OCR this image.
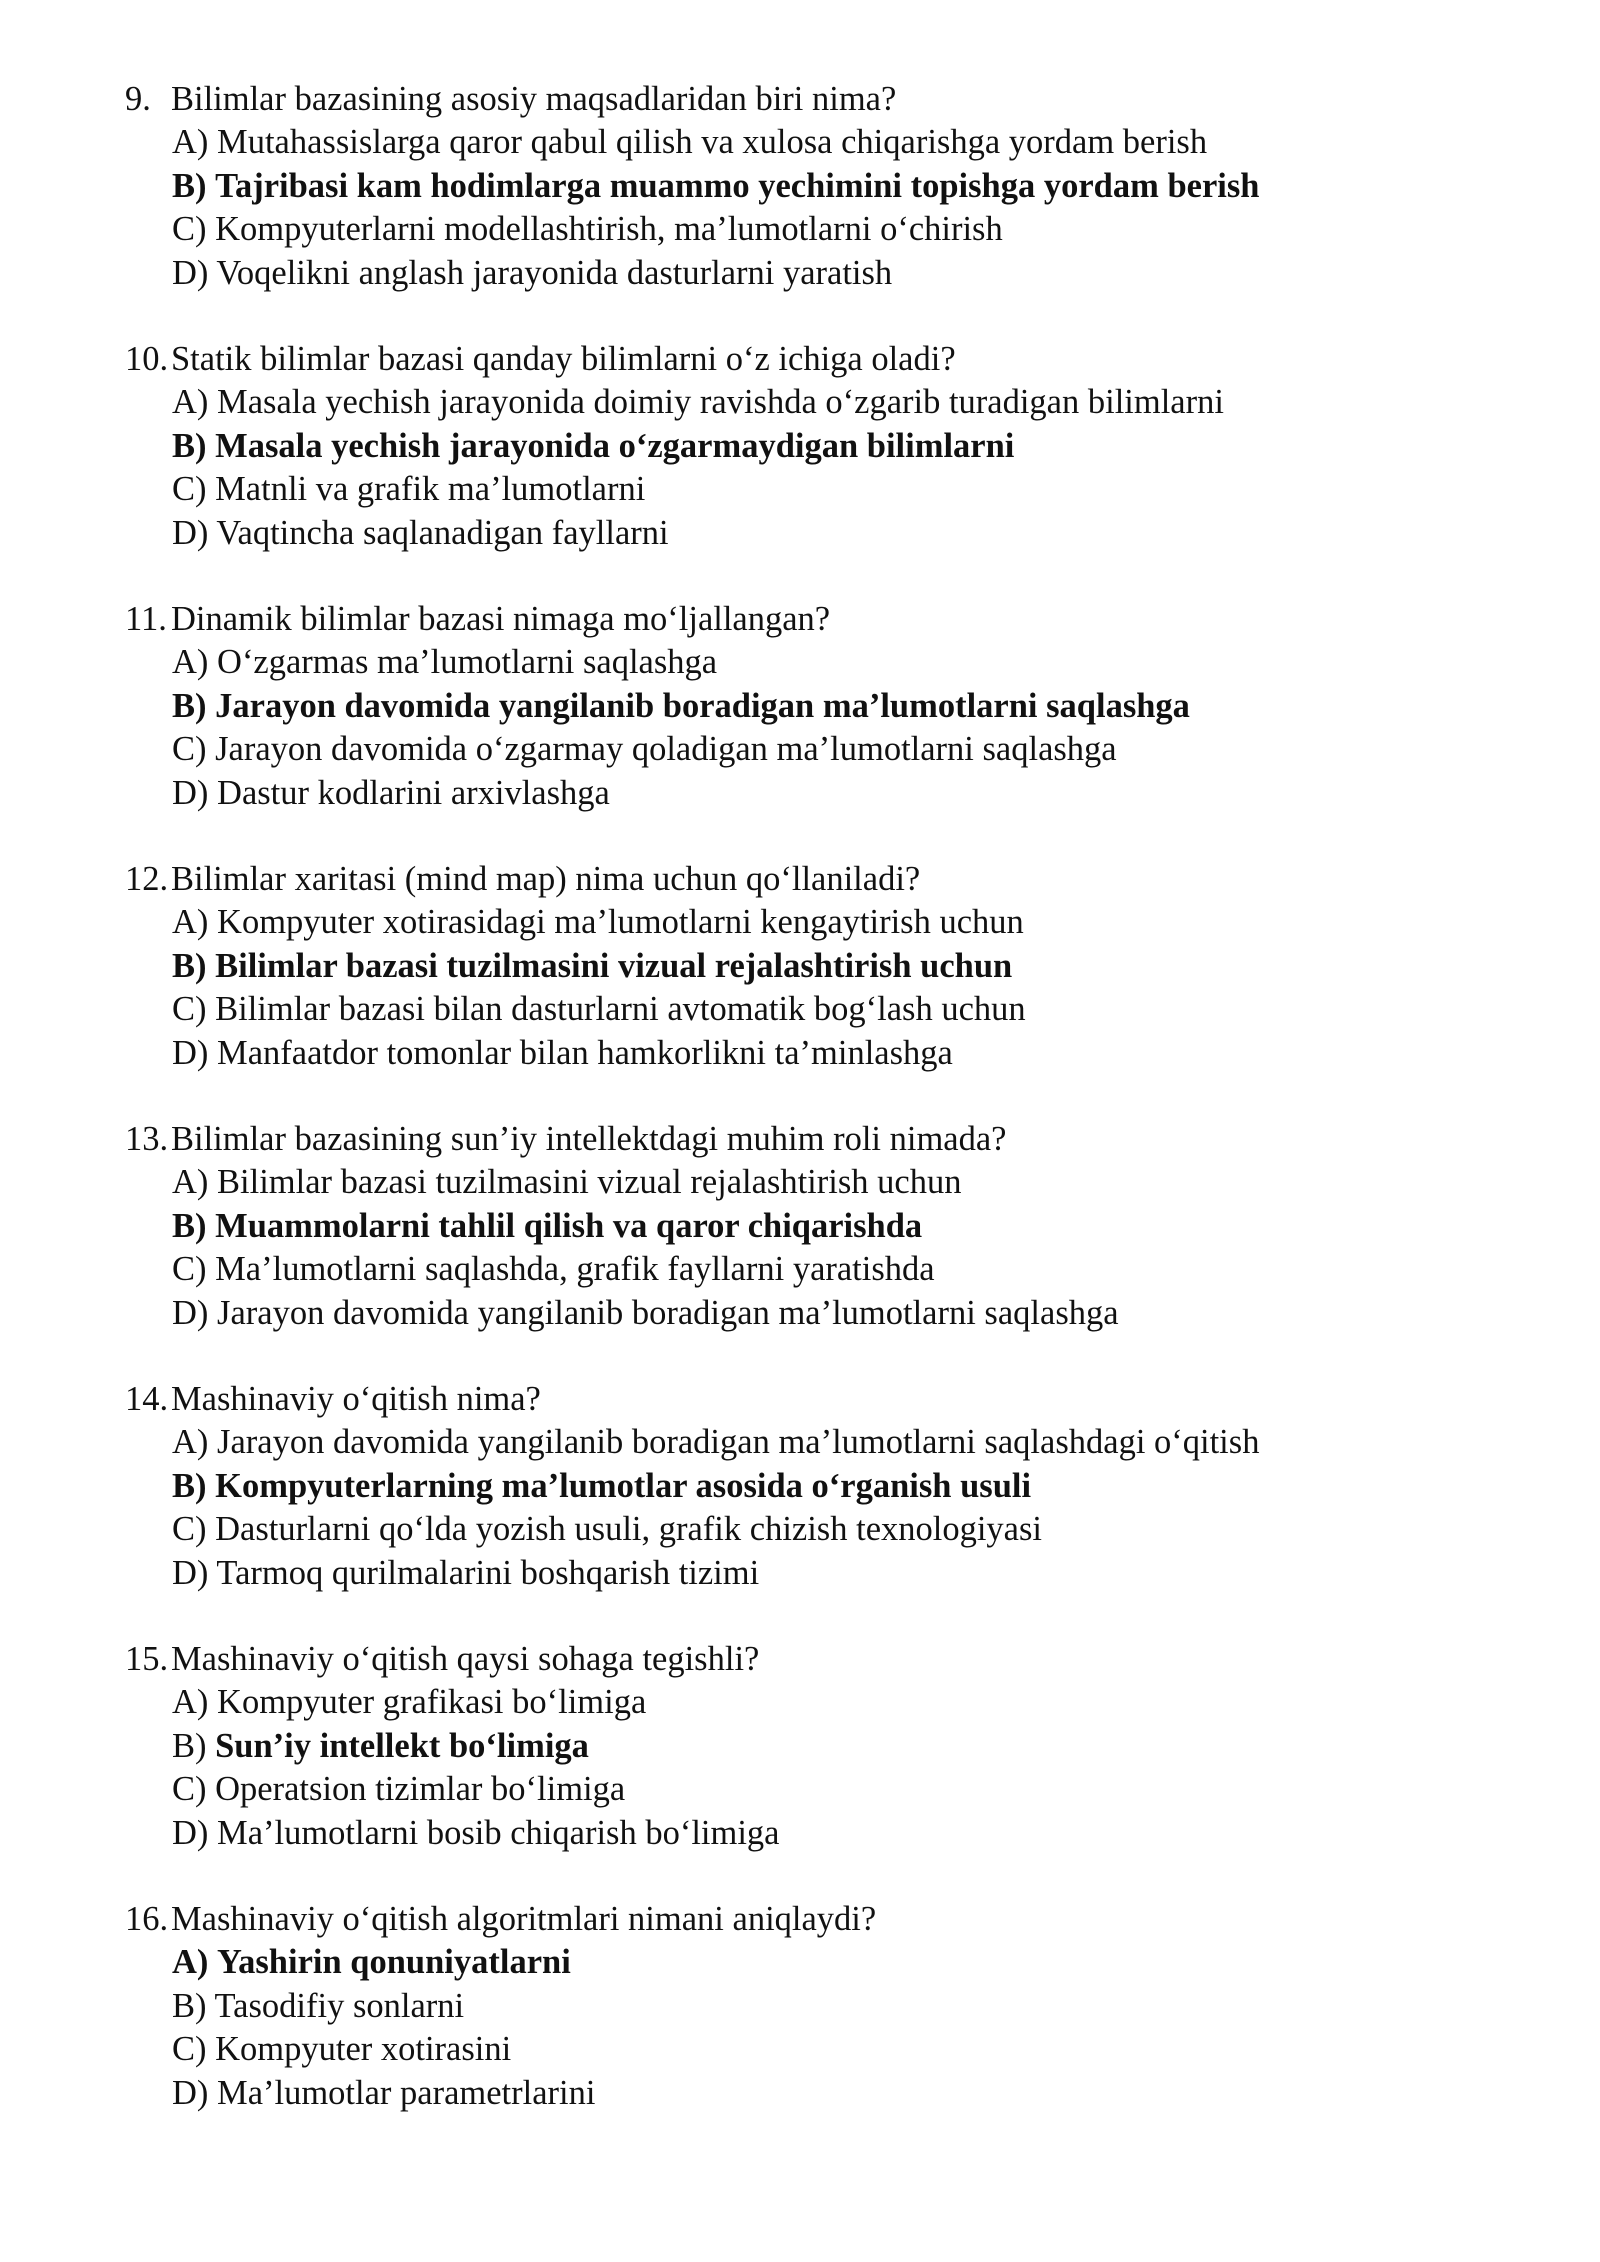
9. Bilimlar bazasining asosiy maqsadlaridan biri nima?
A) Mutahassislarga qaror qabul qilish va xulosa chiqarishga yordam berish
B) Tajribasi kam hodimlarga muammo yechimini topishga yordam berish
C) Kompyuterlarni modellashtirish, ma’lumotlarni o‘chirish
D) Voqelikni anglash jarayonida dasturlarni yaratish
10. Statik bilimlar bazasi qanday bilimlarni o‘z ichiga oladi?
A) Masala yechish jarayonida doimiy ravishda o‘zgarib turadigan bilimlarni
B) Masala yechish jarayonida o‘zgarmaydigan bilimlarni
C) Matnli va grafik ma’lumotlarni
D) Vaqtincha saqlanadigan fayllarni
11. Dinamik bilimlar bazasi nimaga mo‘ljallangan?
A) O‘zgarmas ma’lumotlarni saqlashga
B) Jarayon davomida yangilanib boradigan ma’lumotlarni saqlashga
C) Jarayon davomida o‘zgarmay qoladigan ma’lumotlarni saqlashga
D) Dastur kodlarini arxivlashga
12. Bilimlar xaritasi (mind map) nima uchun qo‘llaniladi?
A) Kompyuter xotirasidagi ma’lumotlarni kengaytirish uchun
B) Bilimlar bazasi tuzilmasini vizual rejalashtirish uchun
C) Bilimlar bazasi bilan dasturlarni avtomatik bog‘lash uchun
D) Manfaatdor tomonlar bilan hamkorlikni ta’minlashga
13. Bilimlar bazasining sun’iy intellektdagi muhim roli nimada?
A) Bilimlar bazasi tuzilmasini vizual rejalashtirish uchun
B) Muammolarni tahlil qilish va qaror chiqarishda
C) Ma’lumotlarni saqlashda, grafik fayllarni yaratishda
D) Jarayon davomida yangilanib boradigan ma’lumotlarni saqlashga
14. Mashinaviy o‘qitish nima?
A) Jarayon davomida yangilanib boradigan ma’lumotlarni saqlashdagi o‘qitish
B) Kompyuterlarning ma’lumotlar asosida o‘rganish usuli
C) Dasturlarni qo‘lda yozish usuli, grafik chizish texnologiyasi
D) Tarmoq qurilmalarini boshqarish tizimi
15. Mashinaviy o‘qitish qaysi sohaga tegishli?
A) Kompyuter grafikasi bo‘limiga
B) Sun’iy intellekt bo‘limiga
C) Operatsion tizimlar bo‘limiga
D) Ma’lumotlarni bosib chiqarish bo‘limiga
16. Mashinaviy o‘qitish algoritmlari nimani aniqlaydi?
A) Yashirin qonuniyatlarni
B) Tasodifiy sonlarni
C) Kompyuter xotirasini
D) Ma’lumotlar parametrlarini
